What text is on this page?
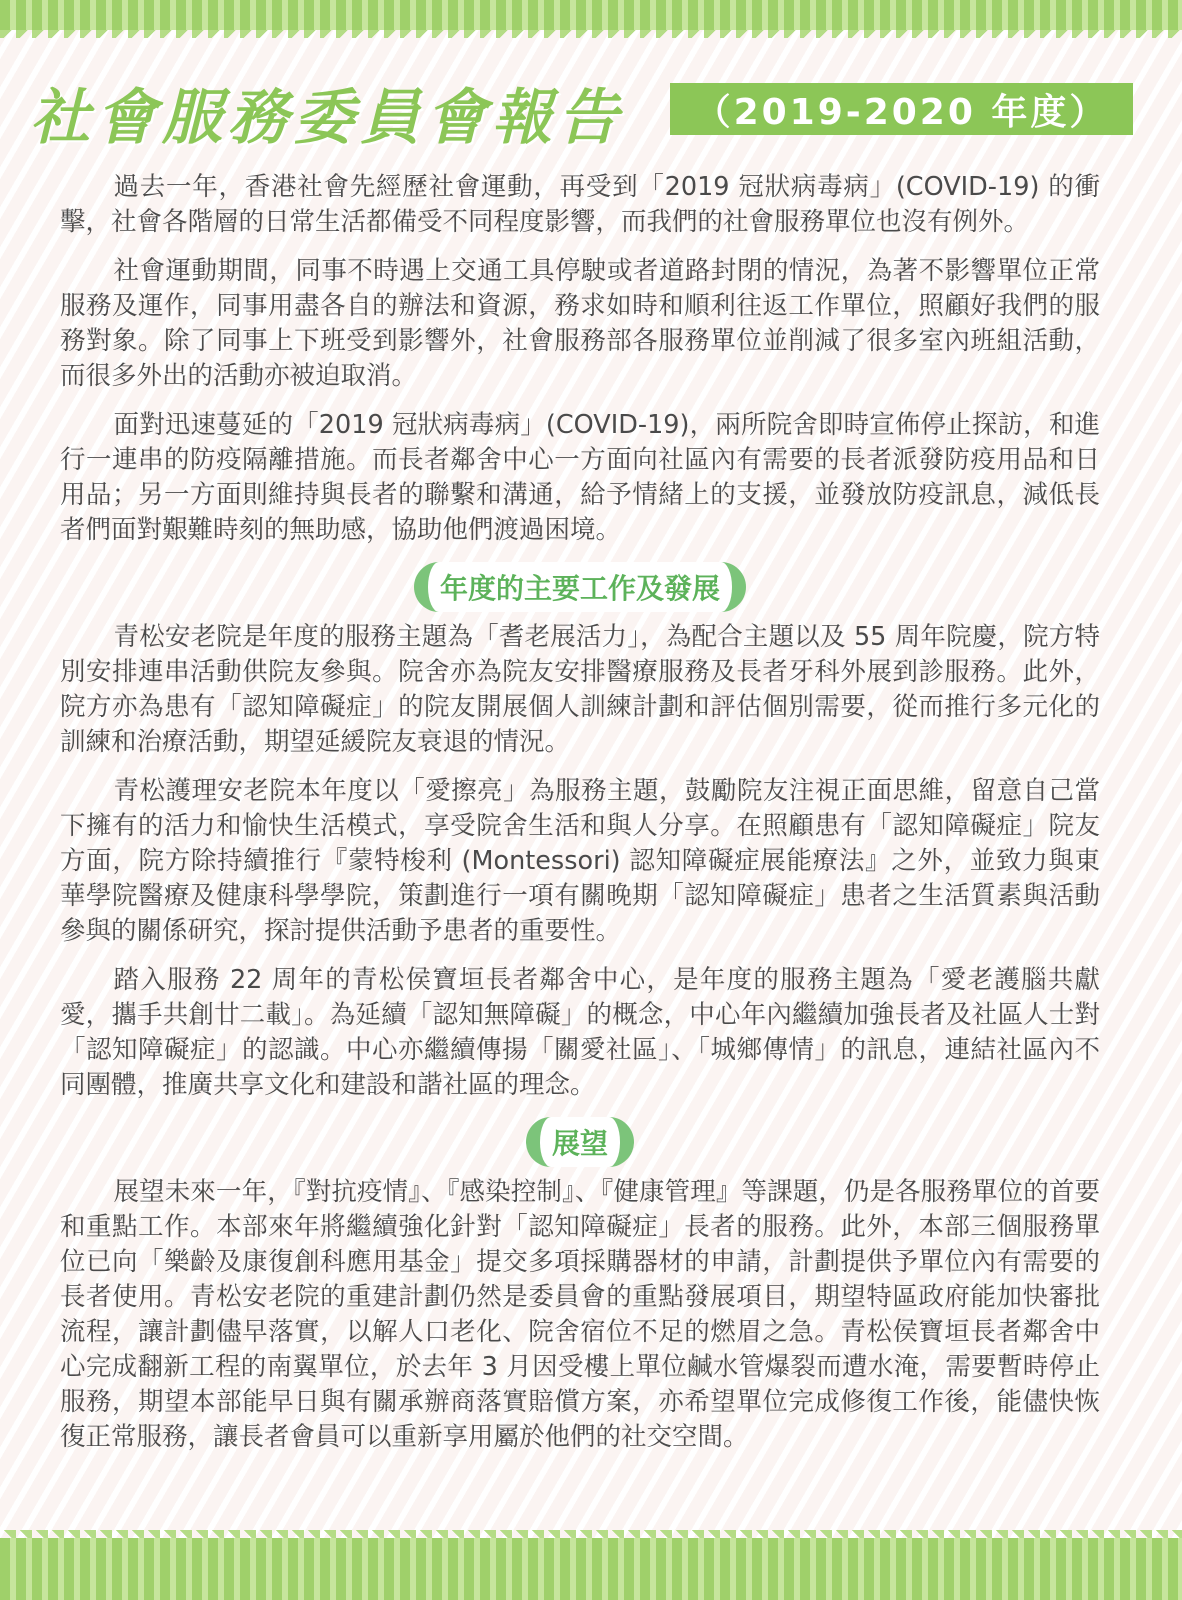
社會服務委員會報告	（2019-2020 年度）

過去一年，香港社會先經歷社會運動，再受到「2019 冠狀病毒病」(COVID-19) 的衝擊，社會各階層的日常生活都備受不同程度影響，而我們的社會服務單位也沒有例外。

社會運動期間，同事不時遇上交通工具停駛或者道路封閉的情況，為著不影響單位正常服務及運作，同事用盡各自的辦法和資源，務求如時和順利往返工作單位，照顧好我們的服務對象。除了同事上下班受到影響外，社會服務部各服務單位並削減了很多室內班組活動，而很多外出的活動亦被迫取消。

面對迅速蔓延的「2019 冠狀病毒病」(COVID-19)，兩所院舍即時宣佈停止探訪，和進行一連串的防疫隔離措施。而長者鄰舍中心一方面向社區內有需要的長者派發防疫用品和日用品；另一方面則維持與長者的聯繫和溝通，給予情緒上的支援，並發放防疫訊息，減低長者們面對艱難時刻的無助感，協助他們渡過困境。

年度的主要工作及發展

青松安老院是年度的服務主題為「耆老展活力」，為配合主題以及 55 周年院慶，院方特別安排連串活動供院友參與。院舍亦為院友安排醫療服務及長者牙科外展到診服務。此外，院方亦為患有「認知障礙症」的院友開展個人訓練計劃和評估個別需要，從而推行多元化的訓練和治療活動，期望延緩院友衰退的情況。

青松護理安老院本年度以「愛擦亮」為服務主題，鼓勵院友注視正面思維，留意自己當下擁有的活力和愉快生活模式，享受院舍生活和與人分享。在照顧患有「認知障礙症」院友方面，院方除持續推行『蒙特梭利 (Montessori) 認知障礙症展能療法』之外，並致力與東華學院醫療及健康科學學院，策劃進行一項有關晚期「認知障礙症」患者之生活質素與活動參與的關係研究，探討提供活動予患者的重要性。

踏入服務 22 周年的青松侯寶垣長者鄰舍中心，是年度的服務主題為「愛老護腦共獻愛，攜手共創廿二載」。為延續「認知無障礙」的概念，中心年內繼續加強長者及社區人士對「認知障礙症」的認識。中心亦繼續傳揚「關愛社區」、「城鄉傳情」的訊息，連結社區內不同團體，推廣共享文化和建設和諧社區的理念。

展望

展望未來一年，『對抗疫情』、『感染控制』、『健康管理』等課題，仍是各服務單位的首要和重點工作。本部來年將繼續強化針對「認知障礙症」長者的服務。此外，本部三個服務單位已向「樂齡及康復創科應用基金」提交多項採購器材的申請，計劃提供予單位內有需要的長者使用。青松安老院的重建計劃仍然是委員會的重點發展項目，期望特區政府能加快審批流程，讓計劃儘早落實，以解人口老化、院舍宿位不足的燃眉之急。青松侯寶垣長者鄰舍中心完成翻新工程的南翼單位，於去年 3 月因受樓上單位鹹水管爆裂而遭水淹，需要暫時停止服務，期望本部能早日與有關承辦商落實賠償方案，亦希望單位完成修復工作後，能儘快恢復正常服務，讓長者會員可以重新享用屬於他們的社交空間。
